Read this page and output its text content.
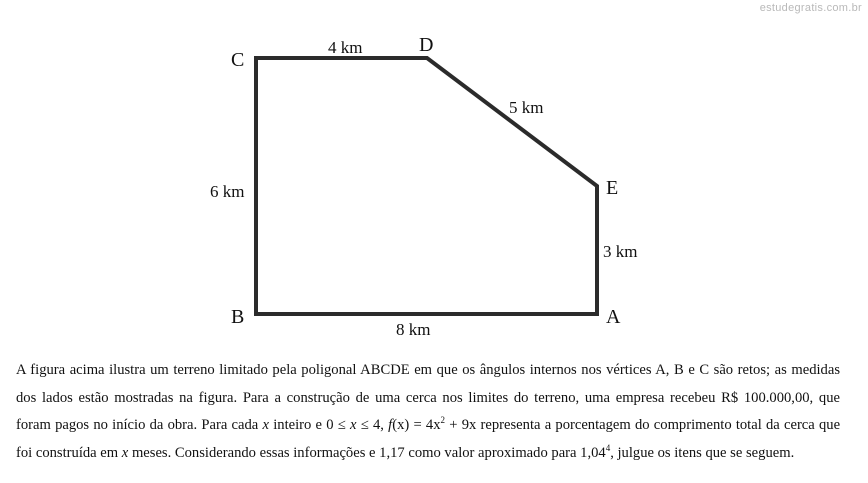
estudegratis.com.br
C
D
E
A
B
4 km
5 km
3 km
8 km
6 km

A figura acima ilustra um terreno limitado pela poligonal ABCDE em que os ângulos internos nos vértices A, B e C são retos; as medidas
dos lados estão mostradas na figura. Para a construção de uma cerca nos limites do terreno, uma empresa recebeu R$ 100.000,00, que
foram pagos no início da obra. Para cada x inteiro e 0 ≤ x ≤ 4, $f(x) = 4x^2 + 9x$ representa a porcentagem do comprimento total da cerca que
foi construída em x meses. Considerando essas informações e 1,17 como valor aproximado para 1,04$^4$, julgue os itens que se seguem.
